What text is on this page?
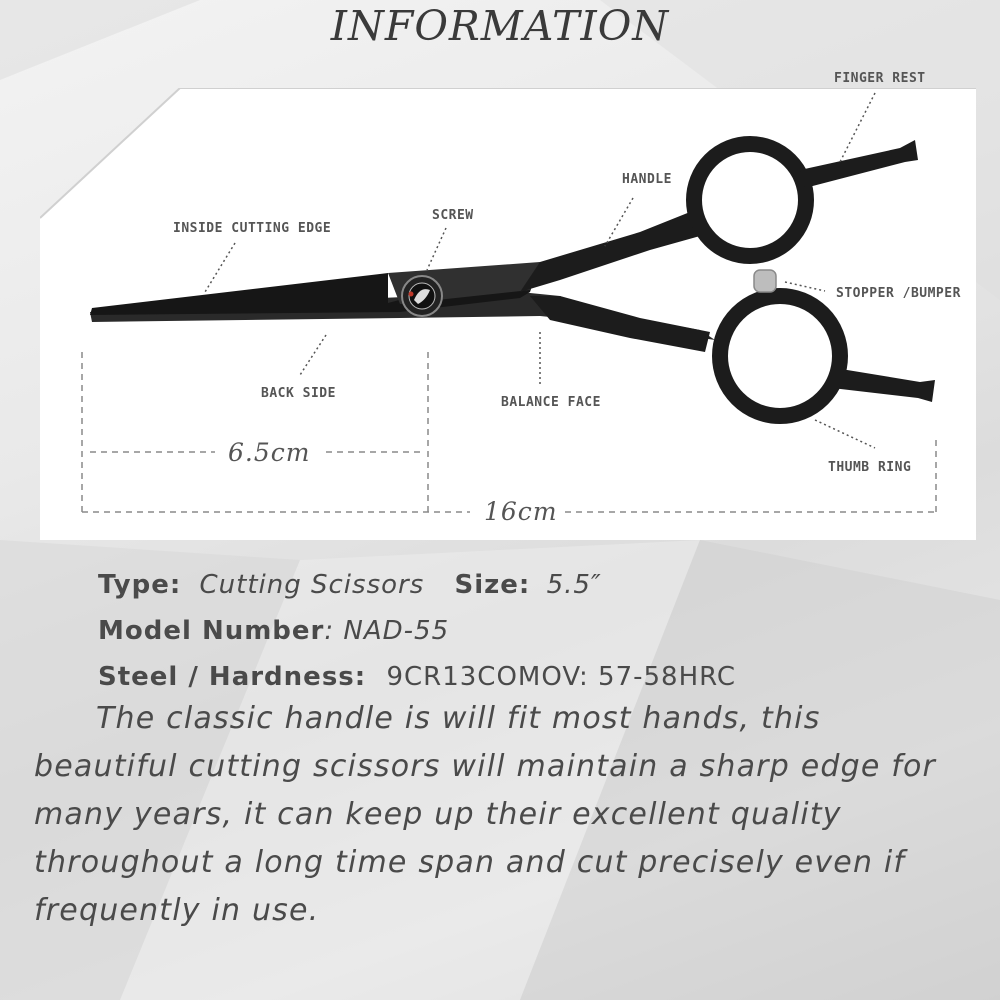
INFORMATION
FINGER REST
HANDLE
SCREW
INSIDE CUTTING EDGE
STOPPER /BUMPER
BACK SIDE
BALANCE FACE
THUMB RING
6.5cm
16cm
Type: Cutting Scissors Size: 5.5″
Model Number: NAD-55
Steel / Hardness: 9CR13COMOV: 57-58HRC

The classic handle is will fit most hands, this beautiful cutting scissors will maintain a sharp edge for many years, it can keep up their excellent quality throughout a long time span and cut precisely even if frequently in use.
